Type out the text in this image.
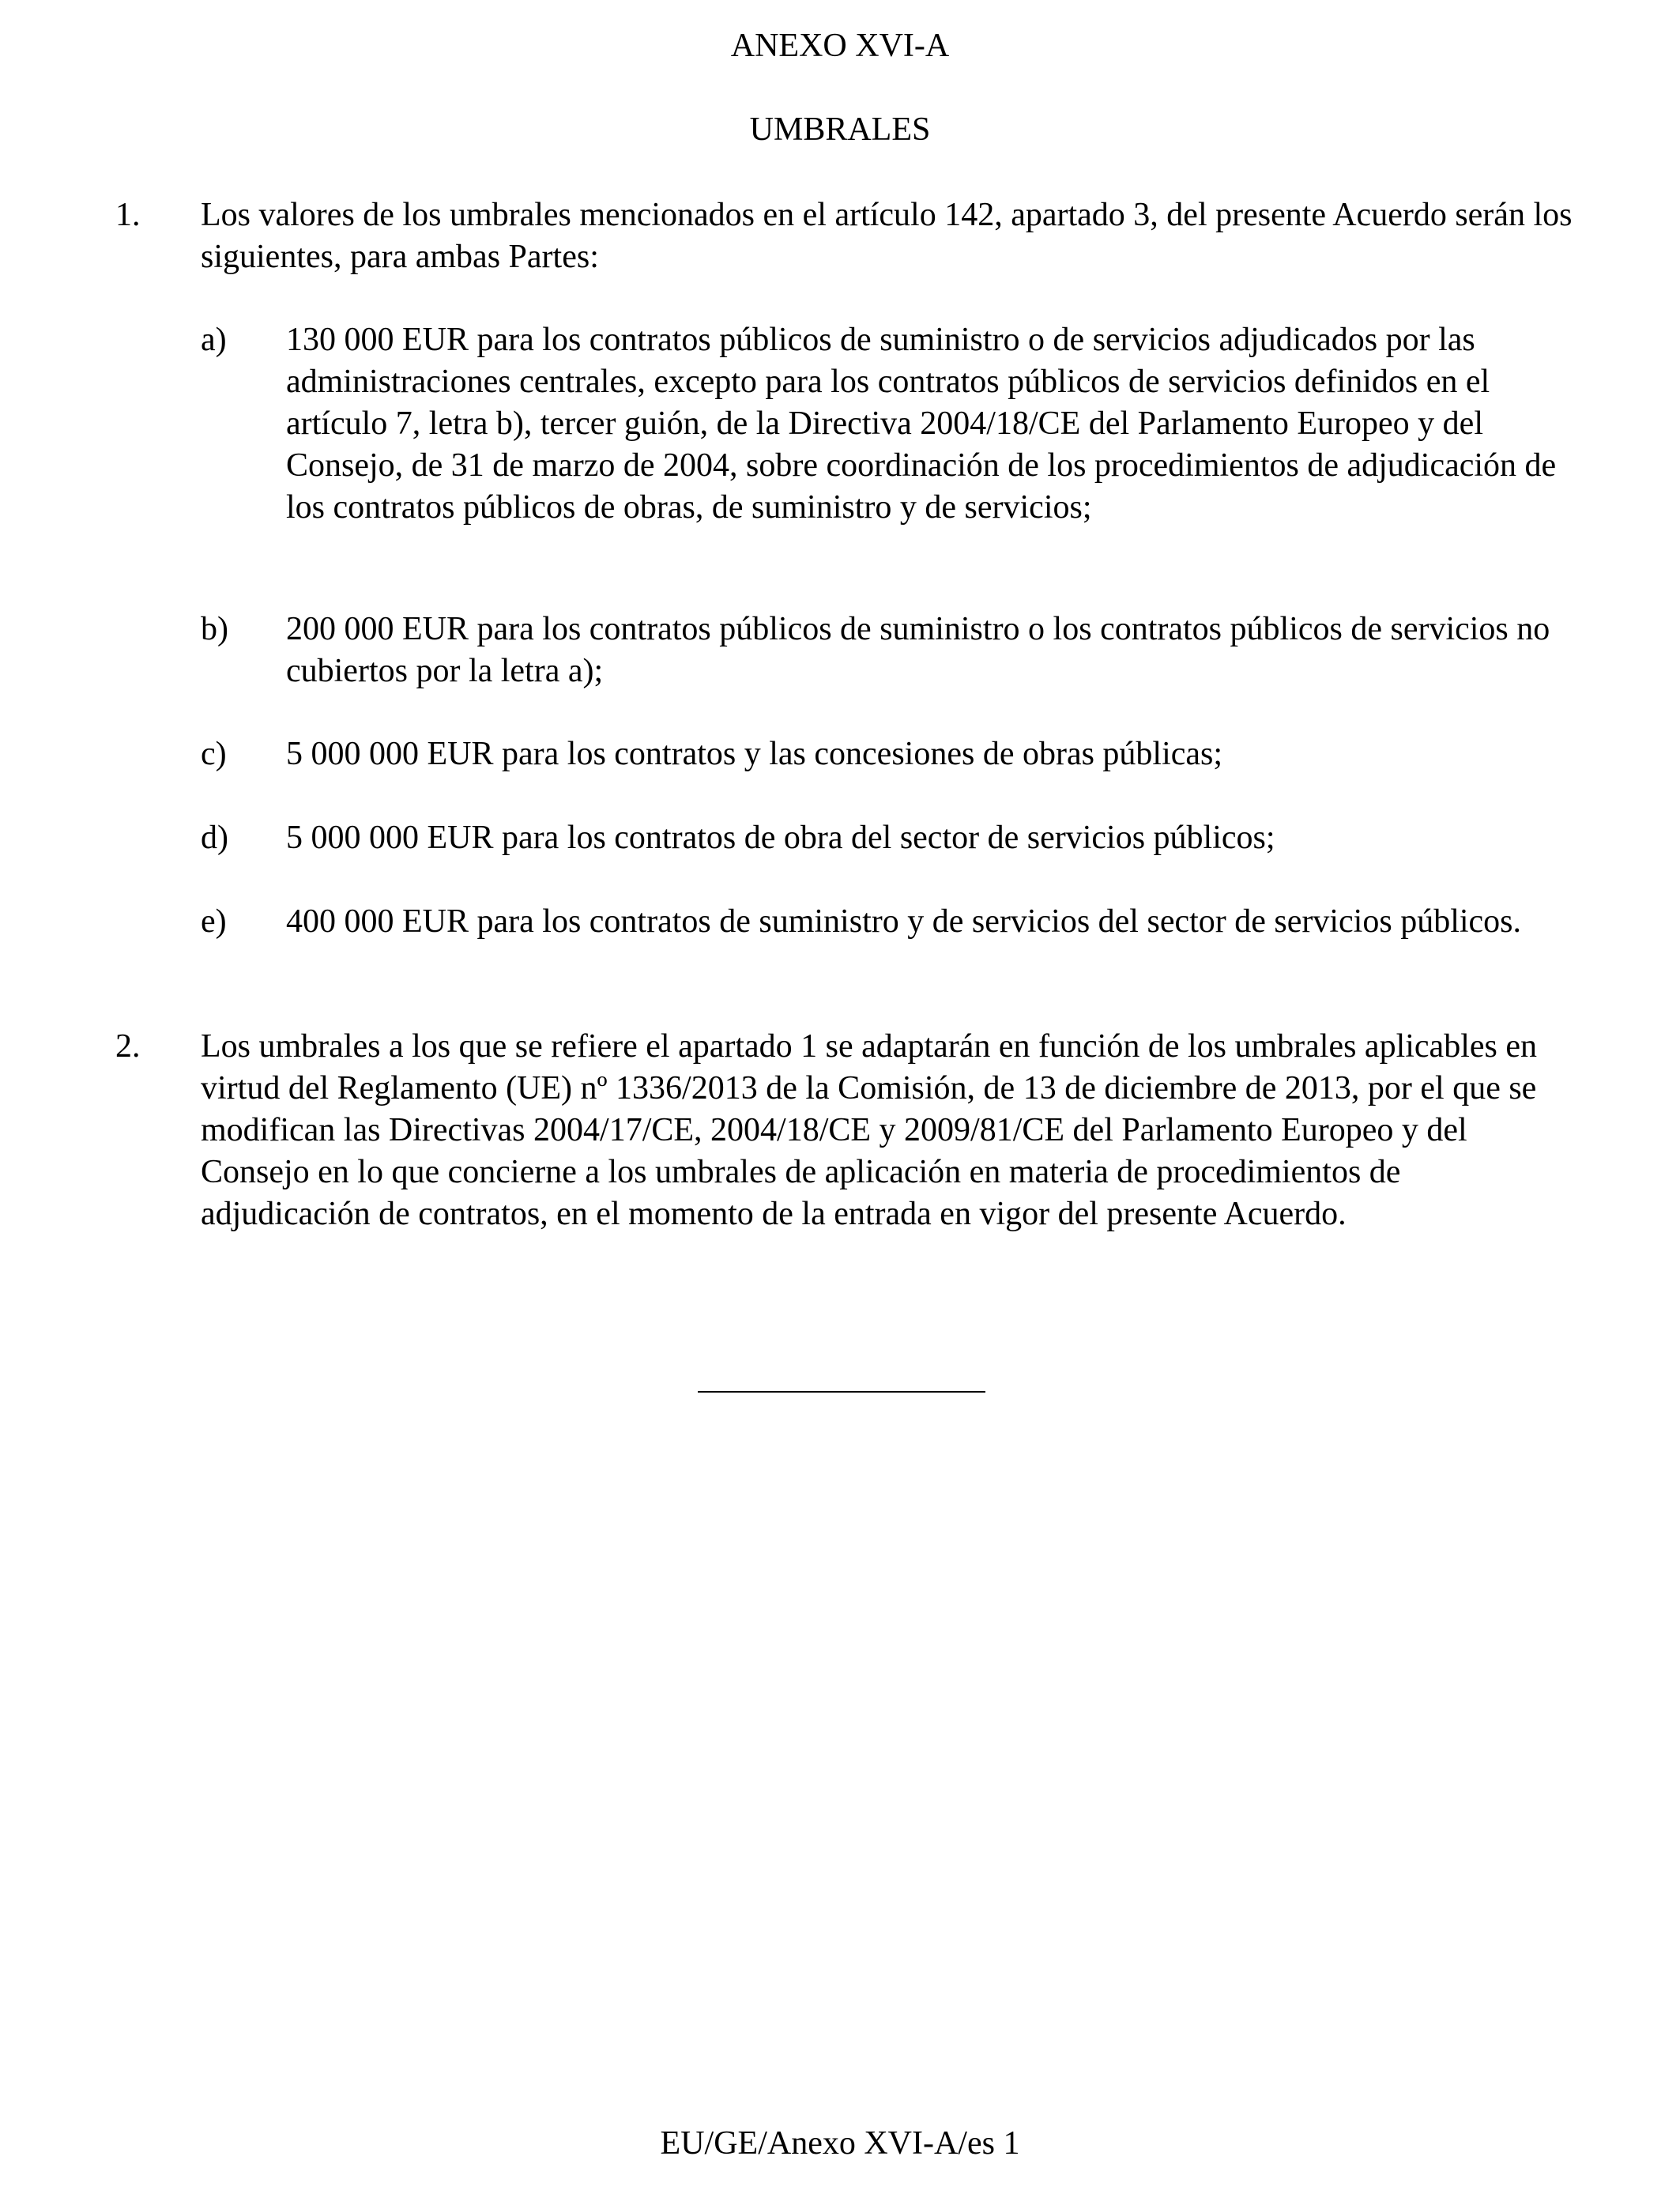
ANEXO XVI-A
UMBRALES
1.	Los valores de los umbrales mencionados en el artículo 142, apartado 3, del presente Acuerdo serán los siguientes, para ambas Partes:
a)	130 000 EUR para los contratos públicos de suministro o de servicios adjudicados por las administraciones centrales, excepto para los contratos públicos de servicios definidos en el artículo 7, letra b), tercer guión, de la Directiva 2004/18/CE del Parlamento Europeo y del Consejo, de 31 de marzo de 2004, sobre coordinación de los procedimientos de adjudicación de los contratos públicos de obras, de suministro y de servicios;
b)	200 000 EUR para los contratos públicos de suministro o los contratos públicos de servicios no cubiertos por la letra a);
c)	5 000 000 EUR para los contratos y las concesiones de obras públicas;
d)	5 000 000 EUR para los contratos de obra del sector de servicios públicos;
e)	400 000 EUR para los contratos de suministro y de servicios del sector de servicios públicos.
2.	Los umbrales a los que se refiere el apartado 1 se adaptarán en función de los umbrales aplicables en virtud del Reglamento (UE) nº 1336/2013 de la Comisión, de 13 de diciembre de 2013, por el que se modifican las Directivas 2004/17/CE, 2004/18/CE y 2009/81/CE del Parlamento Europeo y del Consejo en lo que concierne a los umbrales de aplicación en materia de procedimientos de adjudicación de contratos, en el momento de la entrada en vigor del presente Acuerdo.

EU/GE/Anexo XVI-A/es 1
